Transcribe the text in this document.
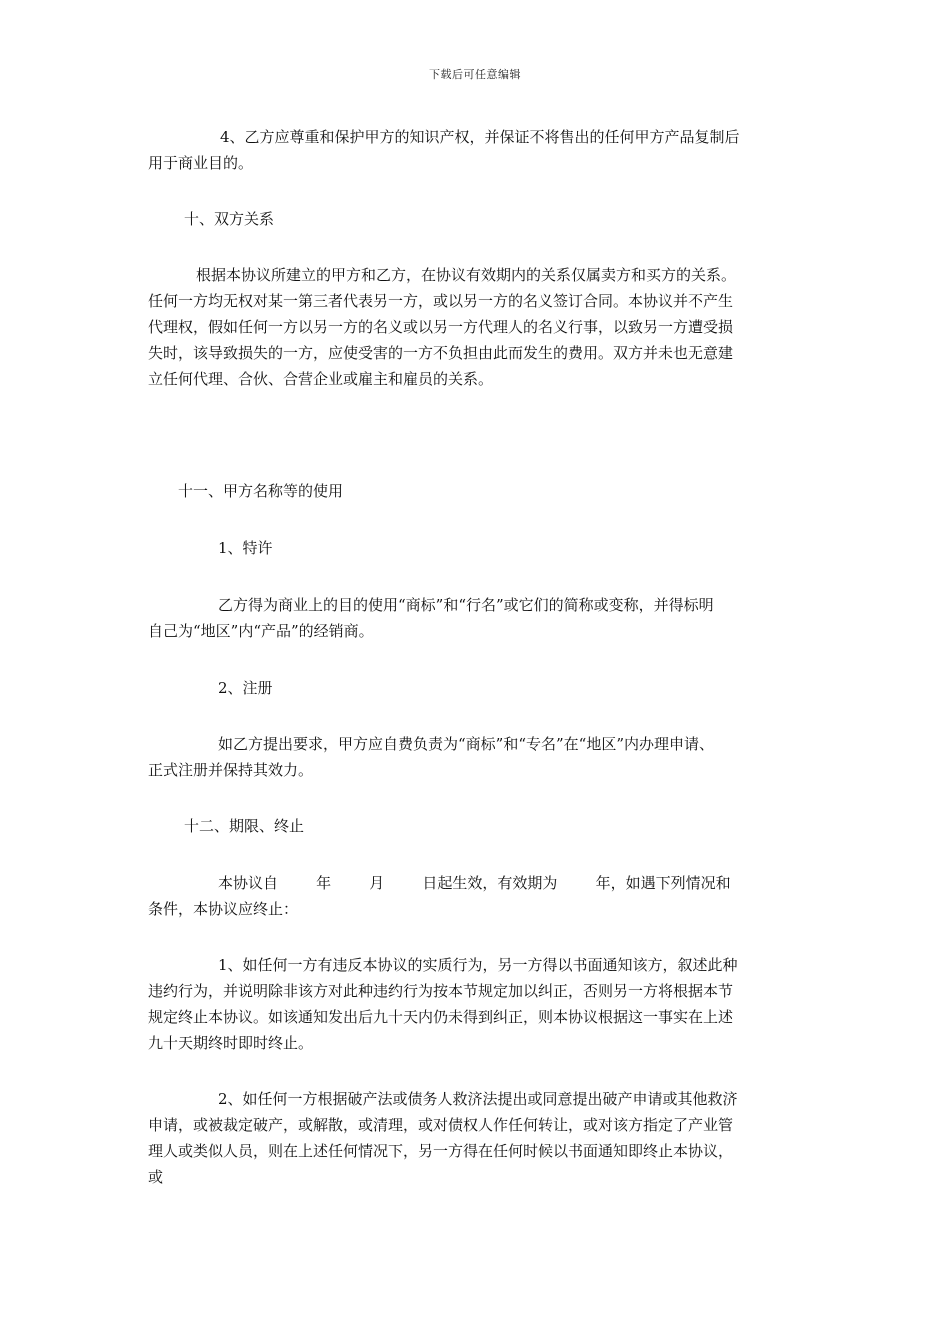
下载后可任意编辑
4、乙方应尊重和保护甲方的知识产权，并保证不将售出的任何甲方产品复制后
用于商业目的。
十、双方关系
根据本协议所建立的甲方和乙方，在协议有效期内的关系仅属卖方和买方的关系。
任何一方均无权对某一第三者代表另一方，或以另一方的名义签订合同。本协议并不产生
代理权，假如任何一方以另一方的名义或以另一方代理人的名义行事，以致另一方遭受损
失时，该导致损失的一方，应使受害的一方不负担由此而发生的费用。双方并未也无意建
立任何代理、合伙、合营企业或雇主和雇员的关系。
十一、甲方名称等的使用
1、特许
乙方得为商业上的目的使用“商标”和“行名”或它们的简称或变称，并得标明
自己为“地区”内“产品”的经销商。
2、注册
如乙方提出要求，甲方应自费负责为“商标”和“专名”在“地区”内办理申请、
正式注册并保持其效力。
十二、期限、终止
本协议自        年        月        日起生效，有效期为        年，如遇下列情况和
条件，本协议应终止：
1、如任何一方有违反本协议的实质行为，另一方得以书面通知该方，叙述此种
违约行为，并说明除非该方对此种违约行为按本节规定加以纠正，否则另一方将根据本节
规定终止本协议。如该通知发出后九十天内仍未得到纠正，则本协议根据这一事实在上述
九十天期终时即时终止。
2、如任何一方根据破产法或债务人救济法提出或同意提出破产申请或其他救济
申请，或被裁定破产，或解散，或清理，或对债权人作任何转让，或对该方指定了产业管
理人或类似人员，则在上述任何情况下，另一方得在任何时候以书面通知即终止本协议，
或
